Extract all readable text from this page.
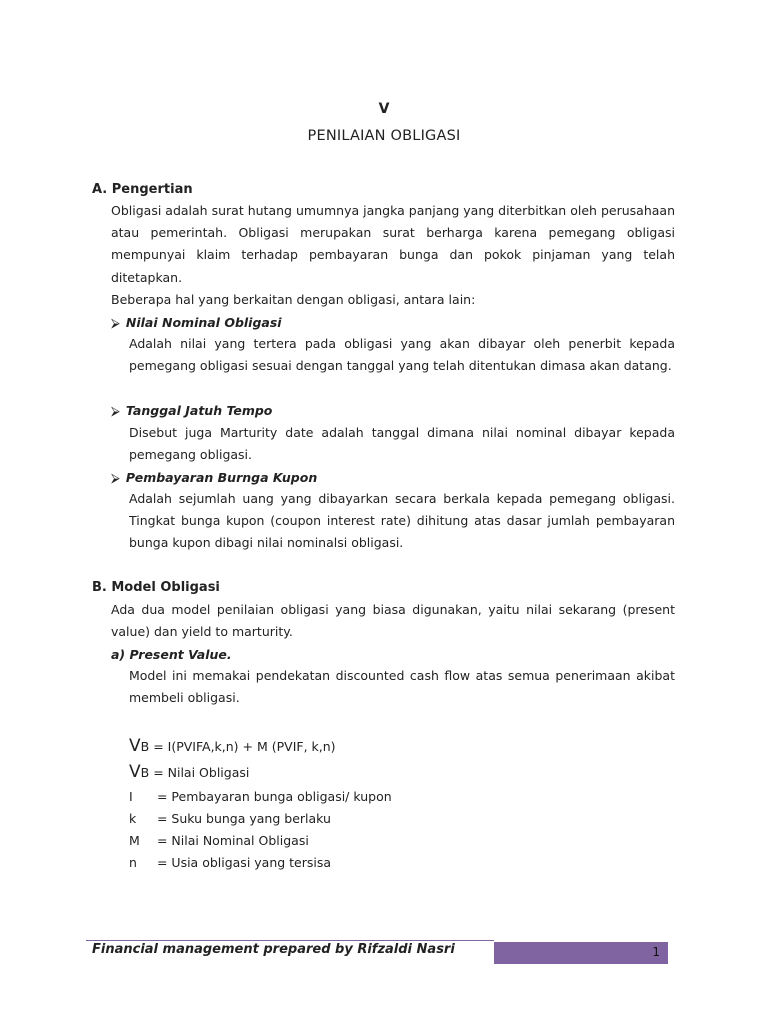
V
PENILAIAN OBLIGASI
A. Pengertian
Obligasi adalah surat hutang umumnya jangka panjang yang diterbitkan oleh perusahaan atau pemerintah. Obligasi merupakan surat berharga karena pemegang obligasi mempunyai klaim terhadap pembayaran bunga dan pokok pinjaman yang telah ditetapkan.
Beberapa hal yang berkaitan dengan obligasi, antara lain:
⮚ Nilai Nominal Obligasi
Adalah nilai yang tertera pada obligasi yang akan dibayar oleh penerbit kepada pemegang obligasi sesuai dengan tanggal yang telah ditentukan dimasa akan datang.
⮚ Tanggal Jatuh Tempo
Disebut juga Marturity date adalah tanggal dimana nilai nominal dibayar kepada pemegang obligasi.
⮚ Pembayaran Burnga Kupon
Adalah sejumlah uang yang dibayarkan secara berkala kepada pemegang obligasi. Tingkat bunga kupon (coupon interest rate) dihitung atas dasar jumlah pembayaran bunga kupon dibagi nilai nominalsi obligasi.
B. Model Obligasi
Ada dua model penilaian obligasi yang biasa digunakan, yaitu nilai sekarang (present value) dan yield to marturity.
a) Present Value.
Model ini memakai pendekatan discounted cash flow atas semua penerimaan akibat membeli obligasi.
VB = I(PVIFA,k,n) + M (PVIF, k,n)
VB = Nilai Obligasi
I = Pembayaran bunga obligasi/ kupon
k = Suku bunga yang berlaku
M = Nilai Nominal Obligasi
n = Usia obligasi yang tersisa
Financial management prepared by Rifzaldi Nasri	1
